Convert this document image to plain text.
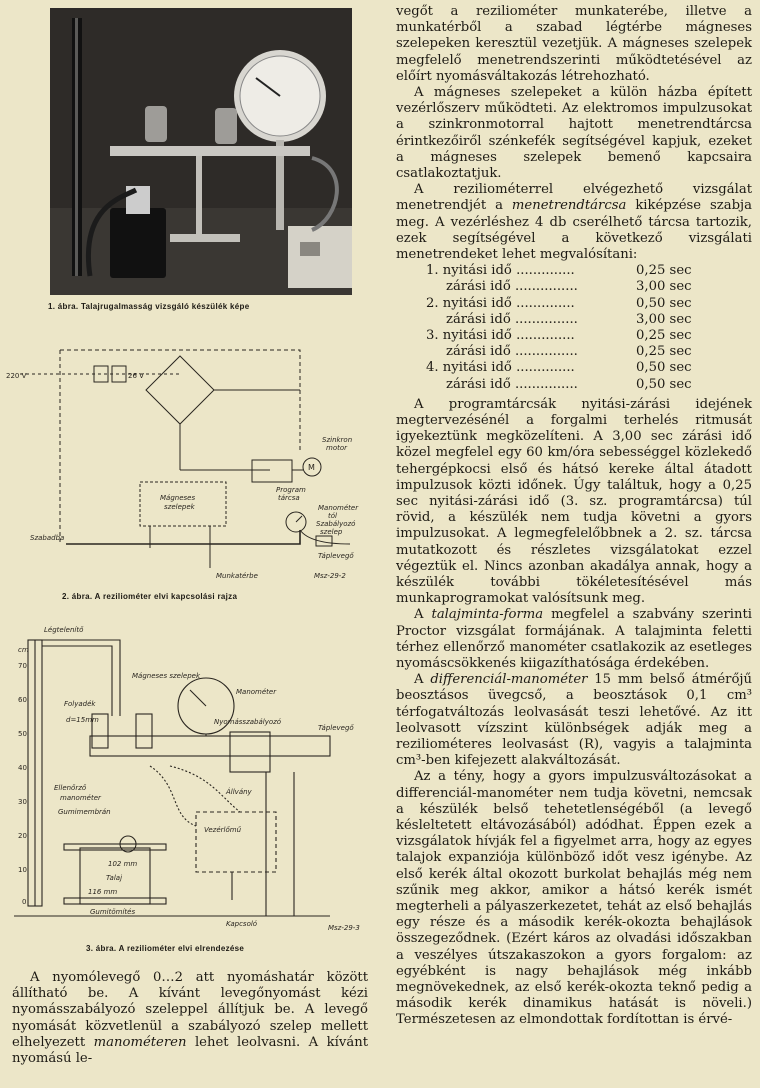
1. ábra. Talajrugalmasság vizsgáló készülék képe
220 V	26 V
Szinkron
motor
M
Program
tárcsa
Mágneses
szelepek	Manométer
tól
Szabályozó
szelep
Táplevegő
Szabadba
Munkatérbe	Msz-29-2
2. ábra. A reziliométer elvi kapcsolási rajza
Légtelenítő
cm
Folyadék
d=15mm
Mágneses szelepek
Manométer
Nyomásszabályozó
Táplevegő
Ellenőrző
manométer
Gumimembrán
Állvány
102 mm
Talaj
116 mm
Vezérlőmű
Gumitömítés
Kapcsoló	Msz-29-3
70
60
50
40
30
20
10
0
3. ábra. A reziliométer elvi elrendezése

A nyomólevegő 0…2 att nyomáshatár között állítható be. A kívánt levegőnyomást kézi nyomásszabályozó szeleppel állítjuk be. A levegő nyomását közvetlenül a szabályozó szelep mellett elhelyezett manométeren lehet leolvasni. A kívánt nyomású le-

vegőt a reziliométer munkaterébe, illetve a munkatérből a szabad légtérbe mágneses szelepeken keresztül vezetjük. A mágneses szelepek megfelelő menetrendszerinti működtetésével az előírt nyomásváltakozás létrehozható.

A mágneses szelepeket a külön házba épített vezérlőszerv működteti. Az elektromos impulzusokat a szinkronmotorral hajtott menetrendtárcsa érintkezőiről szénkefék segítségével kapjuk, ezeket a mágneses szelepek bemenő kapcsaira csatlakoztatjuk.

A reziliométerrel elvégezhető vizsgálat menetrendjét a menetrendtárcsa kiképzése szabja meg. A vezérléshez 4 db cserélhető tárcsa tartozik, ezek segítségével a következő vizsgálati menetrendeket lehet megvalósítani:

1. nyitási idő ..............	0,25 sec
zárási idő ...............	3,00 sec
2. nyitási idő ..............	0,50 sec
zárási idő ...............	3,00 sec
3. nyitási idő ..............	0,25 sec
zárási idő ...............	0,25 sec
4. nyitási idő ..............	0,50 sec
zárási idő ...............	0,50 sec

A programtárcsák nyitási-zárási idejének megtervezésénél a forgalmi terhelés ritmusát igyekeztünk megközelíteni. A 3,00 sec zárási idő közel megfelel egy 60 km/óra sebességgel közlekedő tehergépkocsi első és hátsó kereke által átadott impulzusok közti időnek. Úgy találtuk, hogy a 0,25 sec nyitási-zárási idő (3. sz. programtárcsa) túl rövid, a készülék nem tudja követni a gyors impulzusokat. A legmegfelelőbbnek a 2. sz. tárcsa mutatkozott és részletes vizsgálatokat ezzel végeztük el. Nincs azonban akadálya annak, hogy a készülék további tökéletesítésével más munkaprogramokat valósítsunk meg.

A talajminta-forma megfelel a szabvány szerinti Proctor vizsgálat formájának. A talajminta feletti térhez ellenőrző manométer csatlakozik az esetleges nyomáscsökkenés kiigazíthatósága érdekében.

A differenciál-manométer 15 mm belső átmérőjű beosztásos üvegcső, a beosztások 0,1 cm³ térfogatváltozás leolvasását teszi lehetővé. Az itt leolvasott vízszint különbségek adják meg a reziliométeres leolvasást (R), vagyis a talajminta cm³-ben kifejezett alakváltozását.

Az a tény, hogy a gyors impulzusváltozásokat a differenciál-manométer nem tudja követni, nemcsak a készülék belső tehetetlenségéből (a levegő késleltetett eltávozásából) adódhat. Éppen ezek a vizsgálatok hívják fel a figyelmet arra, hogy az egyes talajok expanziója különböző időt vesz igénybe. Az első kerék által okozott burkolat behajlás még nem szűnik meg akkor, amikor a hátsó kerék ismét megterheli a pályaszerkezetet, tehát az első behajlás egy része és a második kerék-okozta behajlások összegeződnek. (Ezért káros az olvadási időszakban a veszélyes útszakaszokon a gyors forgalom: az egyébként is nagy behajlások még inkább megnövekednek, az első kerék-okozta teknő pedig a második kerék dinamikus hatását is növeli.) Természetesen az elmondottak fordítottan is érvé-
